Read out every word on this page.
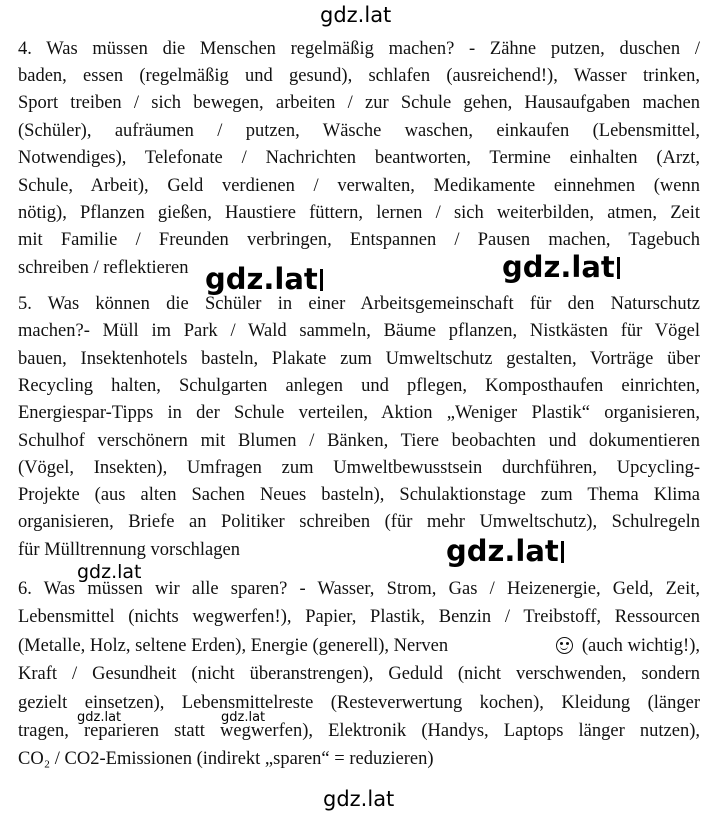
gdz.lat
4. Was müssen die Menschen regelmäßig machen? - Zähne putzen, duschen /
baden, essen (regelmäßig und gesund), schlafen (ausreichend!), Wasser trinken,
Sport treiben / sich bewegen, arbeiten / zur Schule gehen, Hausaufgaben machen
(Schüler), aufräumen / putzen, Wäsche waschen, einkaufen (Lebensmittel,
Notwendiges), Telefonate / Nachrichten beantworten, Termine einhalten (Arzt,
Schule, Arbeit), Geld verdienen / verwalten, Medikamente einnehmen (wenn
nötig), Pflanzen gießen, Haustiere füttern, lernen / sich weiterbilden, atmen, Zeit
mit Familie / Freunden verbringen, Entspannen / Pausen machen, Tagebuch
schreiben / reflektieren gdz.lat	gdz.lat
5. Was können die Schüler in einer Arbeitsgemeinschaft für den Naturschutz
machen?- Müll im Park / Wald sammeln, Bäume pflanzen, Nistkästen für Vögel
bauen, Insektenhotels basteln, Plakate zum Umweltschutz gestalten, Vorträge über
Recycling halten, Schulgarten anlegen und pflegen, Komposthaufen einrichten,
Energiespar-Tipps in der Schule verteilen, Aktion „Weniger Plastik“ organisieren,
Schulhof verschönern mit Blumen / Bänken, Tiere beobachten und dokumentieren
(Vögel, Insekten), Umfragen zum Umweltbewusstsein durchführen, Upcycling-
Projekte (aus alten Sachen Neues basteln), Schulaktionstage zum Thema Klima
organisieren, Briefe an Politiker schreiben (für mehr Umweltschutz), Schulregeln
für Mülltrennung vorschlagen	gdz.lat
gdz.lat
6. Was müssen wir alle sparen? - Wasser, Strom, Gas / Heizenergie, Geld, Zeit,
Lebensmittel (nichts wegwerfen!), Papier, Plastik, Benzin / Treibstoff, Ressourcen
(Metalle, Holz, seltene Erden), Energie (generell), Nerven	(auch wichtig!),
Kraft / Gesundheit (nicht überanstrengen), Geduld (nicht verschwenden, sondern
gezielt einsetzen), Lebensmittelreste (Resteverwertung kochen), Kleidung (länger
tragen, reparieren statt wegwerfen), Elektronik (Handys, Laptops länger nutzen),
CO₂ / CO2-Emissionen (indirekt „sparen“ = reduzieren)
gdz.lat	gdz.lat
gdz.lat
